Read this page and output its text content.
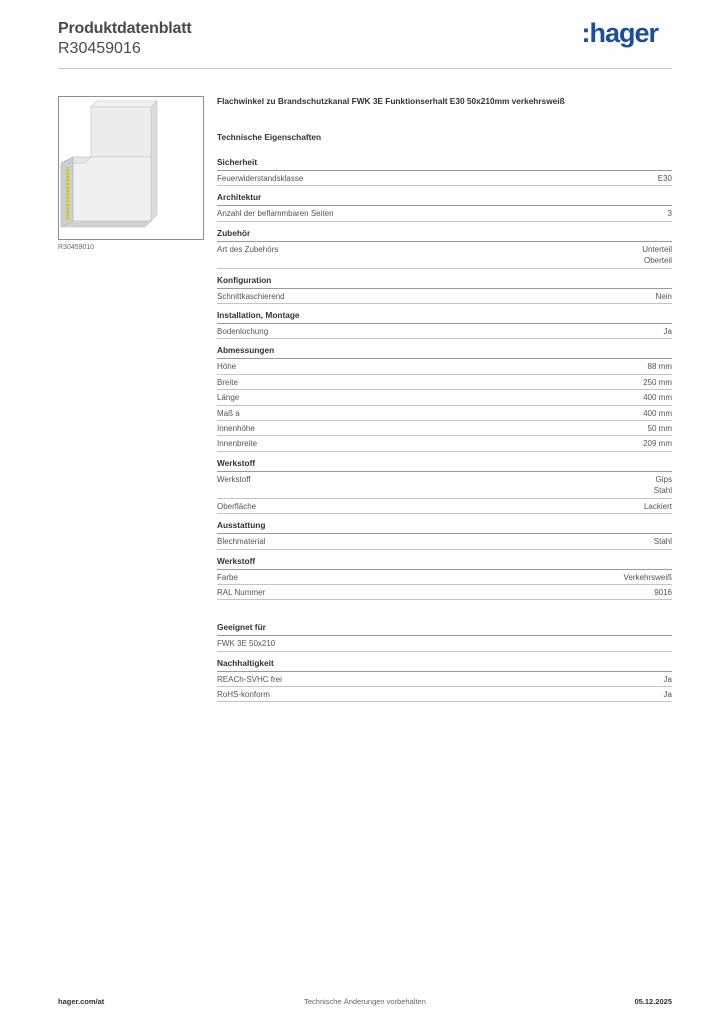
Produktdatenblatt
R30459016
:hager
R30459010
Flachwinkel zu Brandschutzkanal FWK 3E Funktionserhalt E30 50x210mm verkehrsweiß
Technische Eigenschaften
Sicherheit
Feuerwiderstandsklasse	E30
Architektur
Anzahl der beflammbaren Seiten	3
Zubehör
Art des Zubehörs	Unterteil
Oberteil
Konfiguration
Schnittkaschierend	Nein
Installation, Montage
Bodenlochung	Ja
Abmessungen
Höhe	88 mm
Breite	250 mm
Länge	400 mm
Maß a	400 mm
Innenhöhe	50 mm
Innenbreite	209 mm
Werkstoff
Werkstoff	Gips
Stahl
Oberfläche	Lackiert
Ausstattung
Blechmaterial	Stahl
Werkstoff
Farbe	Verkehrsweiß
RAL Nummer	9016
Geeignet für
FWK 3E 50x210
Nachhaltigkeit
REACh-SVHC frei	Ja
RoHS-konform	Ja
hager.com/at	Technische Änderungen vorbehalten	05.12.2025
